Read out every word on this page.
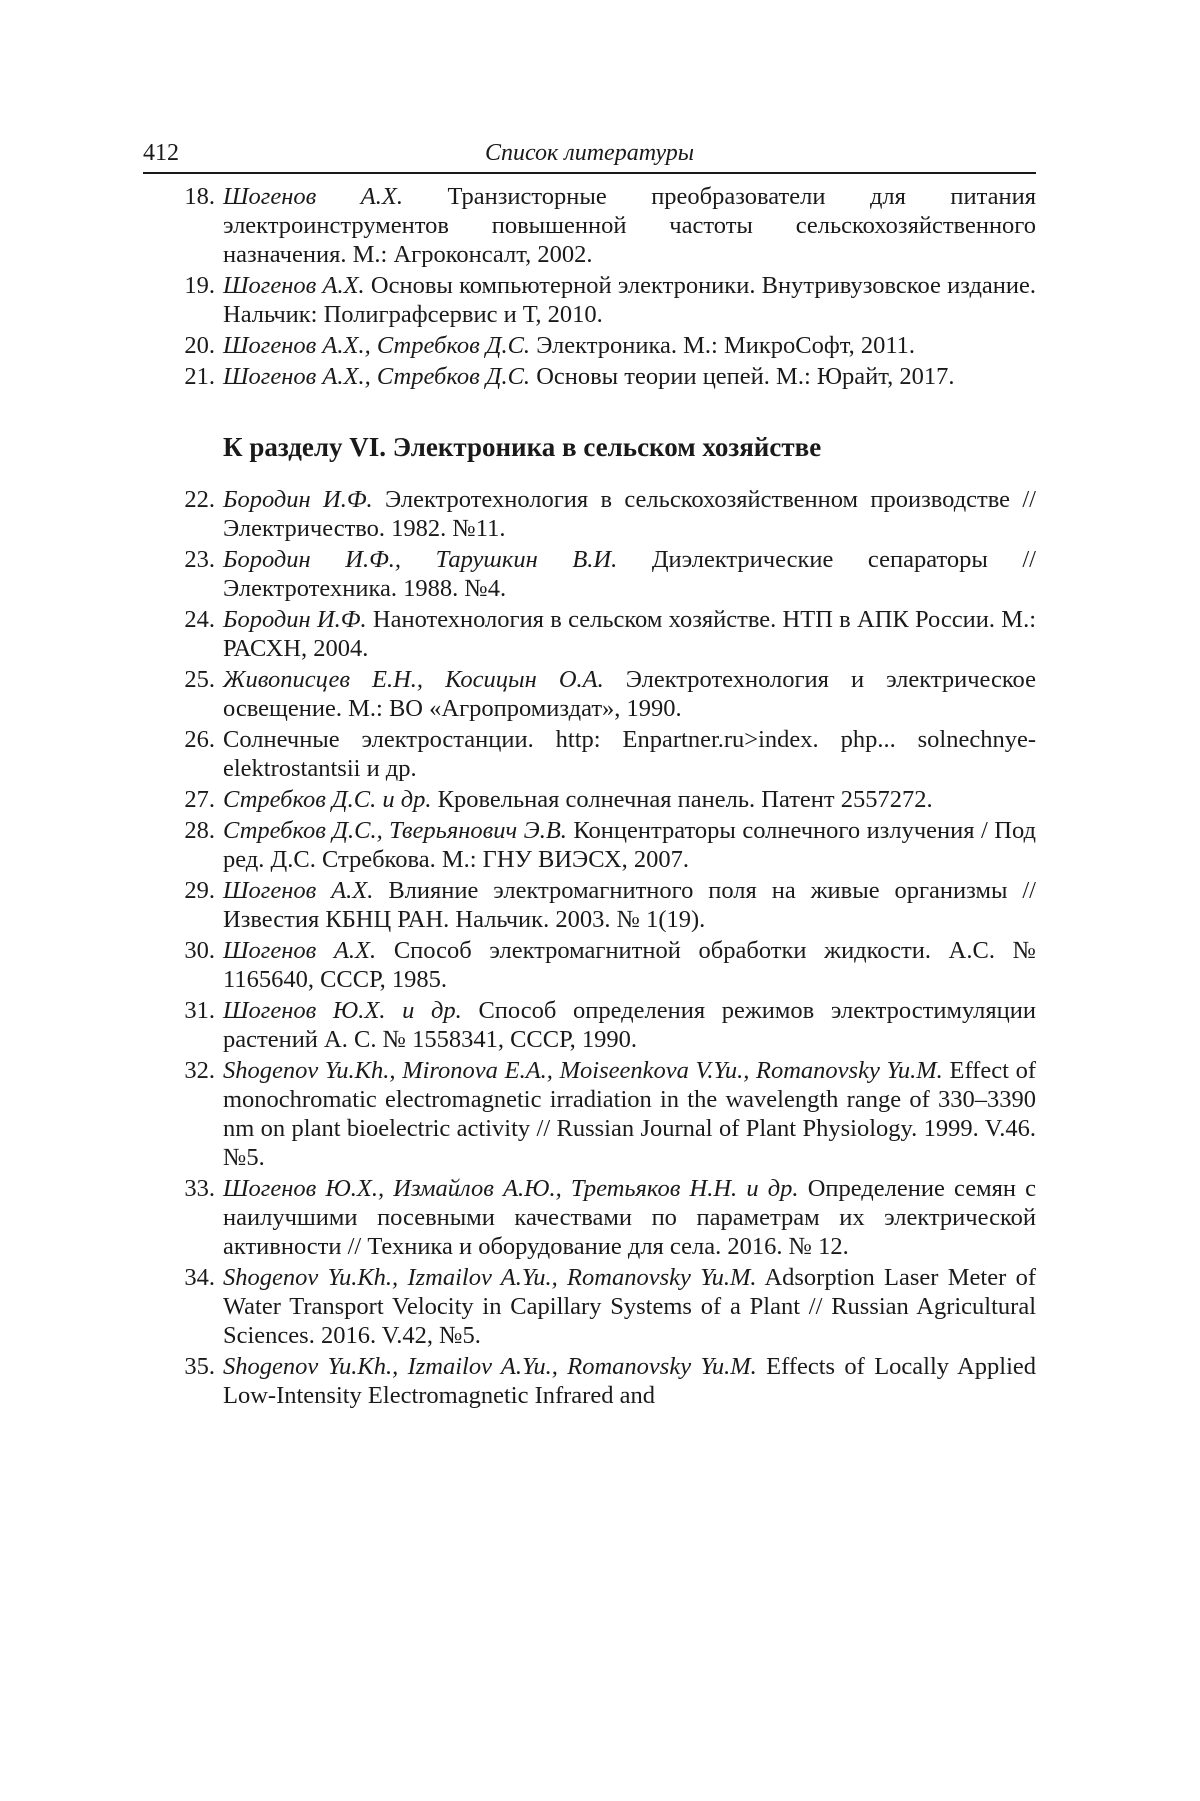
412	Список литературы
18. Шогенов А.Х. Транзисторные преобразователи для питания электроинструментов повышенной частоты сельскохозяйственного назначения. М.: Агроконсалт, 2002.
19. Шогенов А.Х. Основы компьютерной электроники. Внутривузовское издание. Нальчик: Полиграфсервис и Т, 2010.
20. Шогенов А.Х., Стребков Д.С. Электроника. М.: МикроСофт, 2011.
21. Шогенов А.Х., Стребков Д.С. Основы теории цепей. М.: Юрайт, 2017.
К разделу VI. Электроника в сельском хозяйстве
22. Бородин И.Ф. Электротехнология в сельскохозяйственном производстве // Электричество. 1982. №11.
23. Бородин И.Ф., Тарушкин В.И. Диэлектрические сепараторы // Электротехника. 1988. №4.
24. Бородин И.Ф. Нанотехнология в сельском хозяйстве. НТП в АПК России. М.: РАСХН, 2004.
25. Живописцев Е.Н., Косицын О.А. Электротехнология и электрическое освещение. М.: ВО «Агропромиздат», 1990.
26. Солнечные электростанции. http: Enpartner.ru>index. php... solnechnye-elektrostantsii и др.
27. Стребков Д.С. и др. Кровельная солнечная панель. Патент 2557272.
28. Стребков Д.С., Тверьянович Э.В. Концентраторы солнечного излучения / Под ред. Д.С. Стребкова. М.: ГНУ ВИЭСХ, 2007.
29. Шогенов А.Х. Влияние электромагнитного поля на живые организмы // Известия КБНЦ РАН. Нальчик. 2003. № 1(19).
30. Шогенов А.Х. Способ электромагнитной обработки жидкости. А.С. № 1165640, СССР, 1985.
31. Шогенов Ю.Х. и др. Способ определения режимов электростимуляции растений А. С. № 1558341, СССР, 1990.
32. Shogenov Yu.Kh., Mironova E.A., Moiseenkova V.Yu., Romanovsky Yu.M. Effect of monochromatic electromagnetic irradiation in the wavelength range of 330–3390 nm on plant bioelectric activity // Russian Journal of Plant Physiology. 1999. V.46. №5.
33. Шогенов Ю.Х., Измайлов А.Ю., Третьяков Н.Н. и др. Определение семян с наилучшими посевными качествами по параметрам их электрической активности // Техника и оборудование для села. 2016. № 12.
34. Shogenov Yu.Kh., Izmailov A.Yu., Romanovsky Yu.M. Adsorption Laser Meter of Water Transport Velocity in Capillary Systems of a Plant // Russian Agricultural Sciences. 2016. V.42, №5.
35. Shogenov Yu.Kh., Izmailov A.Yu., Romanovsky Yu.M. Effects of Locally Applied Low-Intensity Electromagnetic Infrared and
